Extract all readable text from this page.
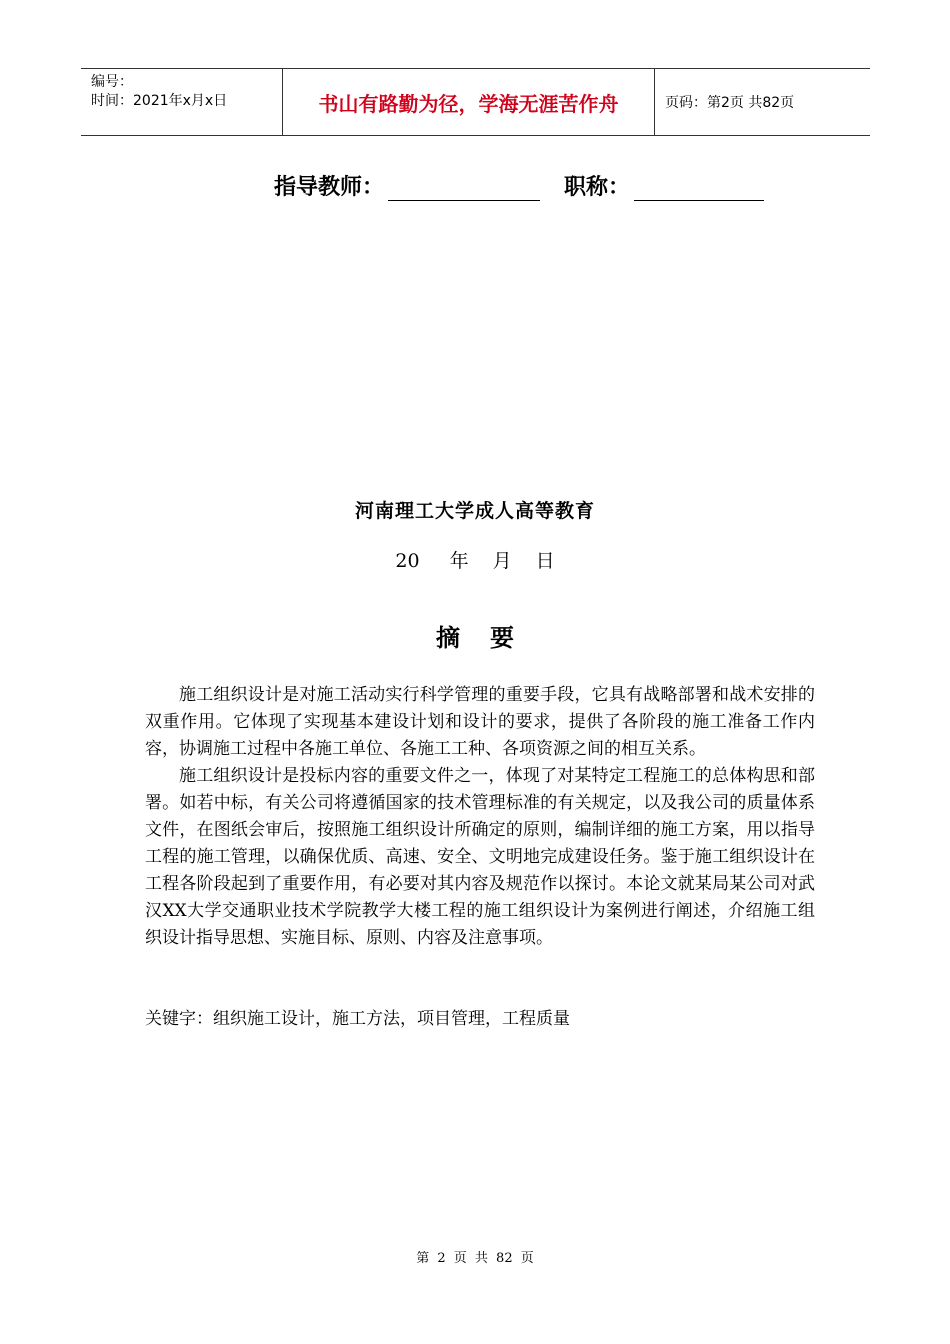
编号：
时间：2021年x月x日	书山有路勤为径，学海无涯苦作舟	页码：第2页 共82页
指导教师：	职称：
河南理工大学成人高等教育
20 年 月 日
摘要

施工组织设计是对施工活动实行科学管理的重要手段，它具有战略部署和战术安排的双重作用。它体现了实现基本建设计划和设计的要求，提供了各阶段的施工准备工作内容，协调施工过程中各施工单位、各施工工种、各项资源之间的相互关系。

施工组织设计是投标内容的重要文件之一，体现了对某特定工程施工的总体构思和部署。如若中标，有关公司将遵循国家的技术管理标准的有关规定，以及我公司的质量体系文件，在图纸会审后，按照施工组织设计所确定的原则，编制详细的施工方案，用以指导工程的施工管理，以确保优质、高速、安全、文明地完成建设任务。鉴于施工组织设计在工程各阶段起到了重要作用，有必要对其内容及规范作以探讨。本论文就某局某公司对武汉XX大学交通职业技术学院教学大楼工程的施工组织设计为案例进行阐述，介绍施工组织设计指导思想、实施目标、原则、内容及注意事项。

关键字：组织施工设计，施工方法，项目管理，工程质量
第 2 页 共 82 页
